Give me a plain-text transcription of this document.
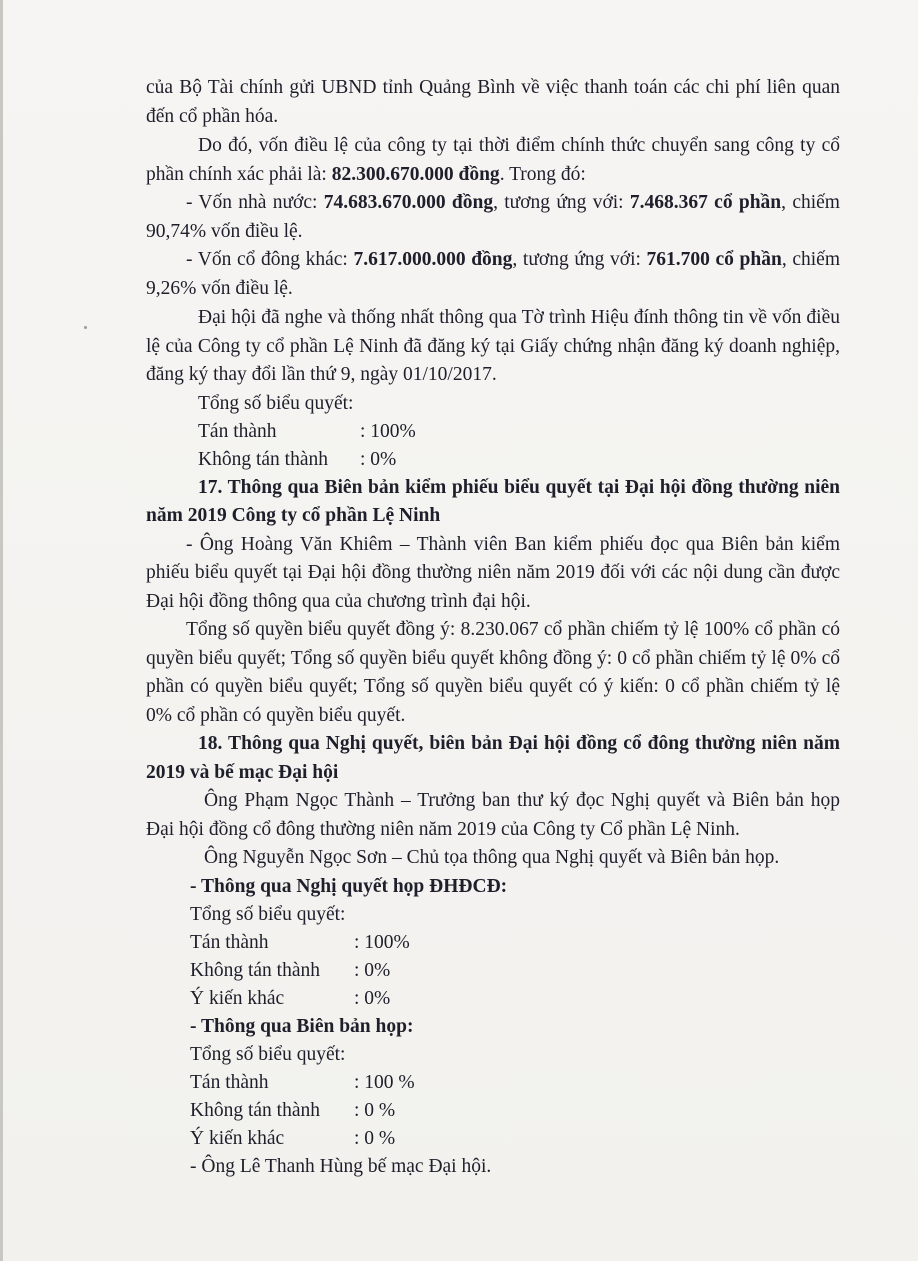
của Bộ Tài chính gửi UBND tỉnh Quảng Bình về việc thanh toán các chi phí liên quan đến cổ phần hóa.

Do đó, vốn điều lệ của công ty tại thời điểm chính thức chuyển sang công ty cổ phần chính xác phải là: 82.300.670.000 đồng. Trong đó:

- Vốn nhà nước: 74.683.670.000 đồng, tương ứng với: 7.468.367 cổ phần, chiếm 90,74% vốn điều lệ.

- Vốn cổ đông khác: 7.617.000.000 đồng, tương ứng với: 761.700 cổ phần, chiếm 9,26% vốn điều lệ.

Đại hội đã nghe và thống nhất thông qua Tờ trình Hiệu đính thông tin về vốn điều lệ của Công ty cổ phần Lệ Ninh đã đăng ký tại Giấy chứng nhận đăng ký doanh nghiệp, đăng ký thay đổi lần thứ 9, ngày 01/10/2017.

Tổng số biểu quyết:
Tán thành	: 100%
Không tán thành	: 0%

17. Thông qua Biên bản kiểm phiếu biểu quyết tại Đại hội đồng thường niên năm 2019 Công ty cổ phần Lệ Ninh

- Ông Hoàng Văn Khiêm – Thành viên Ban kiểm phiếu đọc qua Biên bản kiểm phiếu biểu quyết tại Đại hội đồng thường niên năm 2019 đối với các nội dung cần được Đại hội đồng thông qua của chương trình đại hội.

Tổng số quyền biểu quyết đồng ý: 8.230.067 cổ phần chiếm tỷ lệ 100% cổ phần có quyền biểu quyết; Tổng số quyền biểu quyết không đồng ý: 0 cổ phần chiếm tỷ lệ 0% cổ phần có quyền biểu quyết; Tổng số quyền biểu quyết có ý kiến: 0 cổ phần chiếm tỷ lệ 0% cổ phần có quyền biểu quyết.

18. Thông qua Nghị quyết, biên bản Đại hội đồng cổ đông thường niên năm 2019 và bế mạc Đại hội

Ông Phạm Ngọc Thành – Trưởng ban thư ký đọc Nghị quyết và Biên bản họp Đại hội đồng cổ đông thường niên năm 2019 của Công ty Cổ phần Lệ Ninh.

Ông Nguyễn Ngọc Sơn – Chủ tọa thông qua Nghị quyết và Biên bản họp.

- Thông qua Nghị quyết họp ĐHĐCĐ:
Tổng số biểu quyết:
Tán thành	: 100%
Không tán thành	: 0%
Ý kiến khác	: 0%
- Thông qua Biên bản họp:
Tổng số biểu quyết:
Tán thành	: 100 %
Không tán thành	: 0 %
Ý kiến khác	: 0 %
- Ông Lê Thanh Hùng bế mạc Đại hội.
